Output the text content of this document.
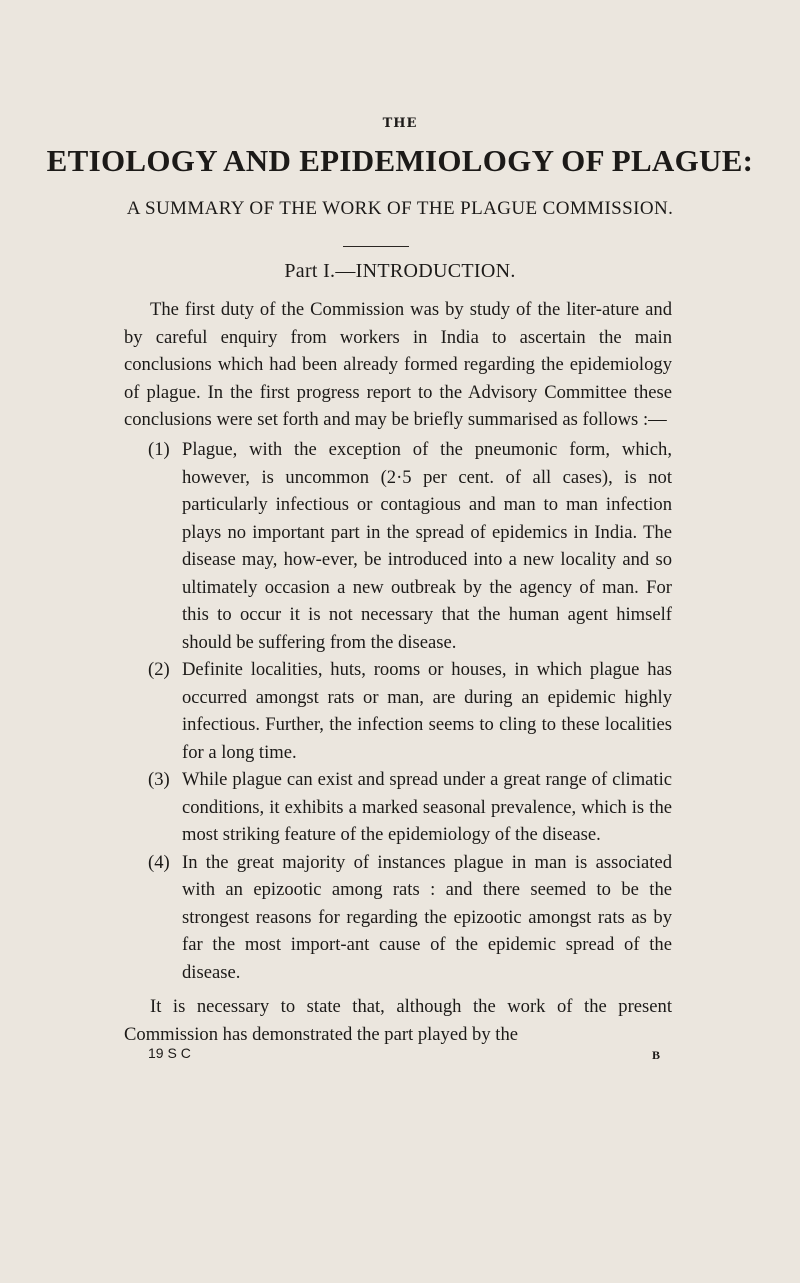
THE
ETIOLOGY AND EPIDEMIOLOGY OF PLAGUE:
A SUMMARY OF THE WORK OF THE PLAGUE COMMISSION.
Part I.—INTRODUCTION.

The first duty of the Commission was by study of the liter-ature and by careful enquiry from workers in India to ascertain the main conclusions which had been already formed regarding the epidemiology of plague. In the first progress report to the Advisory Committee these conclusions were set forth and may be briefly summarised as follows :—

(1) Plague, with the exception of the pneumonic form, which, however, is uncommon (2·5 per cent. of all cases), is not particularly infectious or contagious and man to man infection plays no important part in the spread of epidemics in India. The disease may, how-ever, be introduced into a new locality and so ultimately occasion a new outbreak by the agency of man. For this to occur it is not necessary that the human agent himself should be suffering from the disease.
(2) Definite localities, huts, rooms or houses, in which plague has occurred amongst rats or man, are during an epidemic highly infectious. Further, the infection seems to cling to these localities for a long time.
(3) While plague can exist and spread under a great range of climatic conditions, it exhibits a marked seasonal prevalence, which is the most striking feature of the epidemiology of the disease.
(4) In the great majority of instances plague in man is associated with an epizootic among rats : and there seemed to be the strongest reasons for regarding the epizootic amongst rats as by far the most import-ant cause of the epidemic spread of the disease.

It is necessary to state that, although the work of the present Commission has demonstrated the part played by the

19 S C	B
